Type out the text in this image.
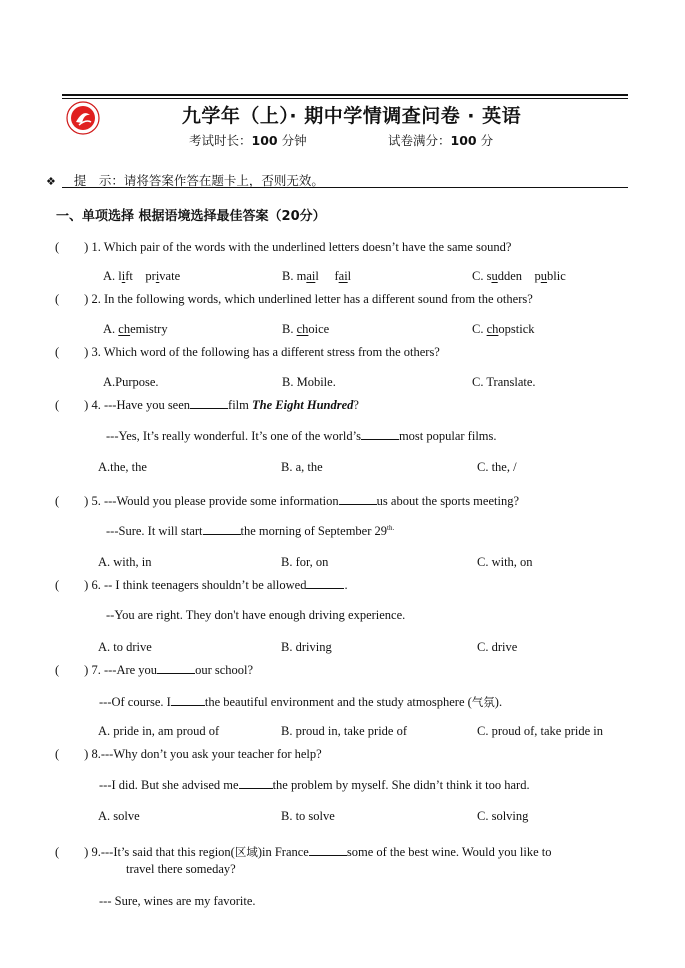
九学年（上）· 期中学情调查问卷 · 英语
考试时长：100 分钟	试卷满分：100 分
❖ 提　示：请将答案作答在题卡上，否则无效。
一、单项选择 根据语境选择最佳答案（20分）
(　　) 1. Which pair of the words with the underlined letters doesn’t have the same sound?
A. lift private	B. mail fail	C. sudden public
(　　) 2. In the following words, which underlined letter has a different sound from the others?
A. chemistry	B. choice	C. chopstick
(　　) 3. Which word of the following has a different stress from the others?
A.Purpose.	B. Mobile.	C. Translate.
(　　) 4. ---Have you seen	film The Eight Hundred?
---Yes, It’s really wonderful. It’s one of the world’s	most popular films.
A.the, the	B. a, the	C. the, /
(　　) 5. ---Would you please provide some information	us about the sports meeting?
---Sure. It will start	the morning of September $29^{th.}$
A. with, in	B. for, on	C. with, on
(　　) 6. -- I think teenagers shouldn’t be allowed	.
--You are right. They don't have enough driving experience.
A. to drive	B. driving	C. drive
(　　) 7. ---Are you	our school?
---Of course. I	the beautiful environment and the study atmosphere (气氛).
A. pride in, am proud of	B. proud in, take pride of	C. proud of, take pride in
(　　) 8.---Why don’t you ask your teacher for help?
---I did. But she advised me	the problem by myself. She didn’t think it too hard.
A. solve	B. to solve	C. solving
(　　) 9.---It’s said that this region(区域)in France	some of the best wine. Would you like to
travel there someday?
--- Sure, wines are my favorite.
